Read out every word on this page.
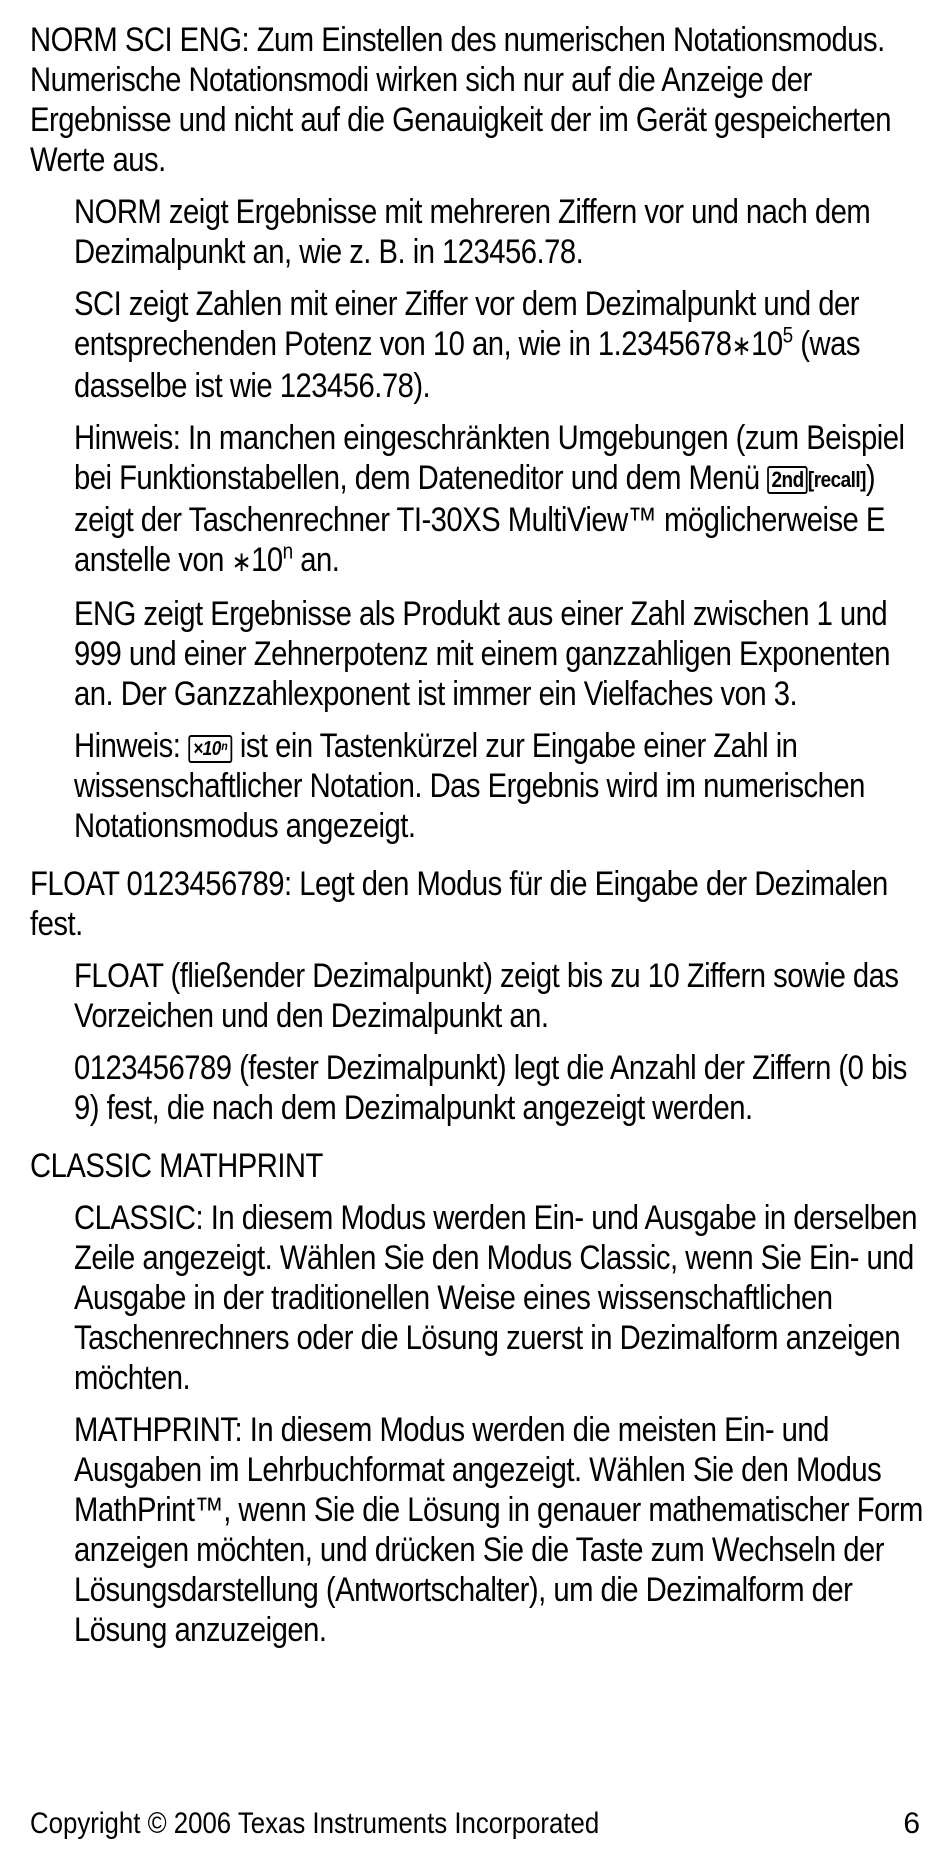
NORM SCI ENG: Zum Einstellen des numerischen Notationsmodus. Numerische Notationsmodi wirken sich nur auf die Anzeige der Ergebnisse und nicht auf die Genauigkeit der im Gerät gespeicherten Werte aus.

NORM zeigt Ergebnisse mit mehreren Ziffern vor und nach dem Dezimalpunkt an, wie z. B. in 123456.78.

SCI zeigt Zahlen mit einer Ziffer vor dem Dezimalpunkt und der entsprechenden Potenz von 10 an, wie in $1.2345678∗10^5$ (was dasselbe ist wie 123456.78).

Hinweis: In manchen eingeschränkten Umgebungen (zum Beispiel bei Funktionstabellen, dem Dateneditor und dem Menü 2nd [recall]) zeigt der Taschenrechner TI-30XS MultiView™ möglicherweise E anstelle von ∗10$^n$ an.

ENG zeigt Ergebnisse als Produkt aus einer Zahl zwischen 1 und 999 und einer Zehnerpotenz mit einem ganzzahligen Exponenten an. Der Ganzzahlexponent ist immer ein Vielfaches von 3.

Hinweis: ×10ⁿ ist ein Tastenkürzel zur Eingabe einer Zahl in wissenschaftlicher Notation. Das Ergebnis wird im numerischen Notationsmodus angezeigt.

FLOAT 0123456789: Legt den Modus für die Eingabe der Dezimalen fest.

FLOAT (fließender Dezimalpunkt) zeigt bis zu 10 Ziffern sowie das Vorzeichen und den Dezimalpunkt an.

0123456789 (fester Dezimalpunkt) legt die Anzahl der Ziffern (0 bis 9) fest, die nach dem Dezimalpunkt angezeigt werden.

CLASSIC MATHPRINT

CLASSIC: In diesem Modus werden Ein- und Ausgabe in derselben Zeile angezeigt. Wählen Sie den Modus Classic, wenn Sie Ein- und Ausgabe in der traditionellen Weise eines wissenschaftlichen Taschenrechners oder die Lösung zuerst in Dezimalform anzeigen möchten.

MATHPRINT: In diesem Modus werden die meisten Ein- und Ausgaben im Lehrbuchformat angezeigt. Wählen Sie den Modus MathPrint™, wenn Sie die Lösung in genauer mathematischer Form anzeigen möchten, und drücken Sie die Taste zum Wechseln der Lösungsdarstellung (Antwortschalter), um die Dezimalform der Lösung anzuzeigen.

Copyright © 2006 Texas Instruments Incorporated	6
